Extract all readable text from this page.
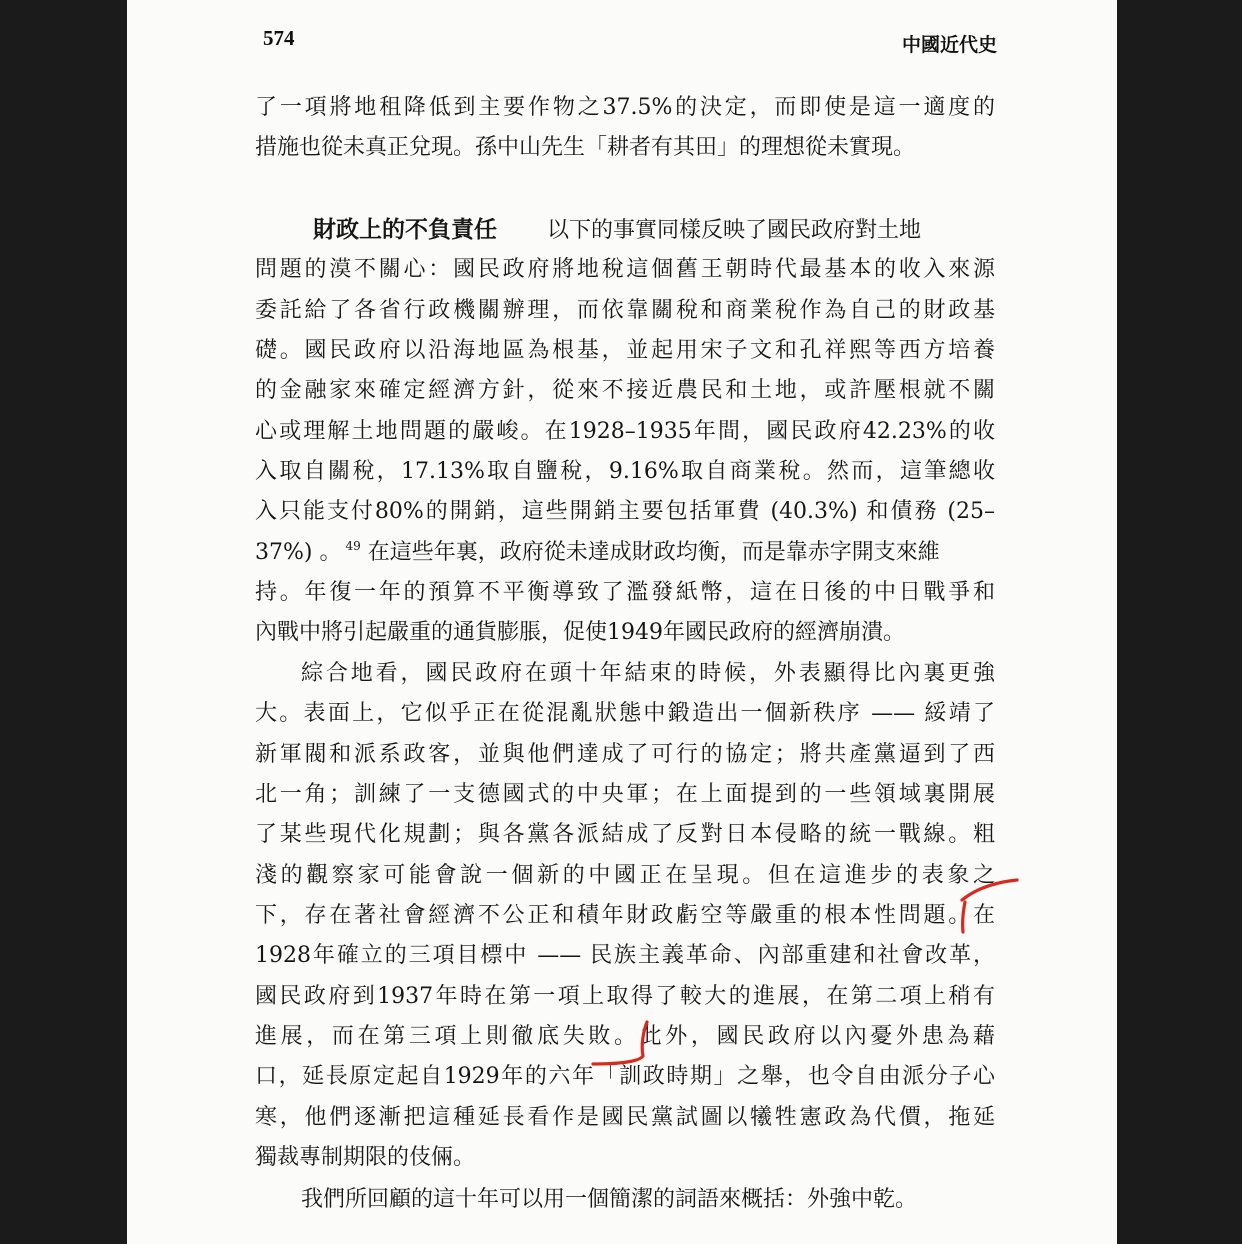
574	中國近代史
了一項將地租降低到主要作物之37.5%的決定，而即使是這一適度的
措施也從未真正兌現。孫中山先生「耕者有其田」的理想從未實現。
財政上的不負責任 以下的事實同樣反映了國民政府對土地
問題的漠不關心：國民政府將地稅這個舊王朝時代最基本的收入來源
委託給了各省行政機關辦理，而依靠關稅和商業稅作為自己的財政基
礎。國民政府以沿海地區為根基，並起用宋子文和孔祥熙等西方培養
的金融家來確定經濟方針，從來不接近農民和土地，或許壓根就不關
心或理解土地問題的嚴峻。在1928–1935年間，國民政府42.23%的收
入取自關稅，17.13%取自鹽稅，9.16%取自商業稅。然而，這筆總收
入只能支付80%的開銷，這些開銷主要包括軍費 (40.3%) 和債務 (25–
37%) 。 $^{49}$ 在這些年裏，政府從未達成財政均衡，而是靠赤字開支來維
持。年復一年的預算不平衡導致了濫發紙幣，這在日後的中日戰爭和
內戰中將引起嚴重的通貨膨脹，促使1949年國民政府的經濟崩潰。
綜合地看，國民政府在頭十年結束的時候，外表顯得比內裏更強
大。表面上，它似乎正在從混亂狀態中鍛造出一個新秩序 —— 綏靖了
新軍閥和派系政客，並與他們達成了可行的協定；將共產黨逼到了西
北一角；訓練了一支德國式的中央軍；在上面提到的一些領域裏開展
了某些現代化規劃；與各黨各派結成了反對日本侵略的統一戰線。粗
淺的觀察家可能會說一個新的中國正在呈現。但在這進步的表象之
下，存在著社會經濟不公正和積年財政虧空等嚴重的根本性問題。在
1928年確立的三項目標中 —— 民族主義革命、內部重建和社會改革，
國民政府到1937年時在第一項上取得了較大的進展，在第二項上稍有
進展，而在第三項上則徹底失敗。此外，國民政府以內憂外患為藉
口，延長原定起自1929年的六年「訓政時期」之舉，也令自由派分子心
寒，他們逐漸把這種延長看作是國民黨試圖以犧牲憲政為代價，拖延
獨裁專制期限的伎倆。
我們所回顧的這十年可以用一個簡潔的詞語來概括：外強中乾。
